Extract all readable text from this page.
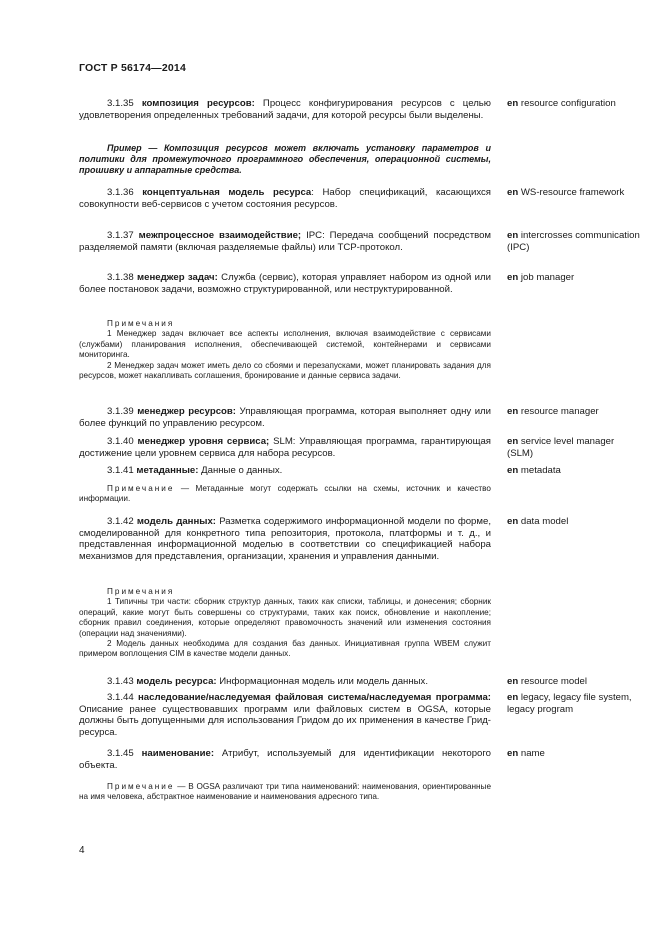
ГОСТ Р 56174—2014

3.1.35 композиция ресурсов: Процесс конфигурирования ресурсов с целью удовлетворения определенных требований задачи, для которой ресурсы были выделены.

en resource configuration

Пример — Композиция ресурсов может включать установку параметров и политики для промежуточного программного обеспечения, операционной системы, прошивку и аппаратные средства.

3.1.36 концептуальная модель ресурса: Набор спецификаций, касающихся совокупности веб-сервисов с учетом состояния ресурсов.

en WS-resource framework

3.1.37 межпроцессное взаимодействие; IPC: Передача сообщений посредством разделяемой памяти (включая разделяемые файлы) или TCP-протокол.

en intercrosses communication (IPC)

3.1.38 менеджер задач: Служба (сервис), которая управляет набором из одной или более постановок задачи, возможно структурированной, или неструктурированной.

en job manager

Примечания

1 Менеджер задач включает все аспекты исполнения, включая взаимодействие с сервисами (службами) планирования исполнения, обеспечивающей системой, контейнерами и сервисами мониторинга.

2 Менеджер задач может иметь дело со сбоями и перезапусками, может планировать задания для ресурсов, может накапливать соглашения, бронирование и данные сервиса задачи.

3.1.39 менеджер ресурсов: Управляющая программа, которая выполняет одну или более функций по управлению ресурсом.

en resource manager

3.1.40 менеджер уровня сервиса; SLM: Управляющая программа, гарантирующая достижение цели уровнем сервиса для набора ресурсов.

en service level manager (SLM)

3.1.41 метаданные: Данные о данных.	en metadata

Примечание — Метаданные могут содержать ссылки на схемы, источник и качество информации.

3.1.42 модель данных: Разметка содержимого информационной модели по форме, смоделированной для конкретного типа репозитория, протокола, платформы и т. д., и представленная информационной моделью в соответствии со спецификацией набора механизмов для представления, организации, хранения и управления данными.

en data model

Примечания

1 Типичны три части: сборник структур данных, таких как списки, таблицы, и донесения; сборник операций, какие могут быть совершены со структурами, таких как поиск, обновление и накопление; сборник правил соединения, которые определяют правомочность значений или изменения состояния (операции над значениями).

2 Модель данных необходима для создания баз данных. Инициативная группа WBEM служит примером воплощения CIM в качестве модели данных.

3.1.43 модель ресурса: Информационная модель или модель данных.	en resource model

3.1.44 наследование/наследуемая файловая система/наследуемая программа: Описание ранее существовавших программ или файловых систем в OGSA, которые должны быть допущенными для использования Гридом до их применения в качестве Грид-ресурса.

en legacy, legacy file system, legacy program

3.1.45 наименование: Атрибут, используемый для идентификации некоторого объекта.

en name

Примечание — В OGSA различают три типа наименований: наименования, ориентированные на имя человека, абстрактное наименование и наименования адресного типа.

4
